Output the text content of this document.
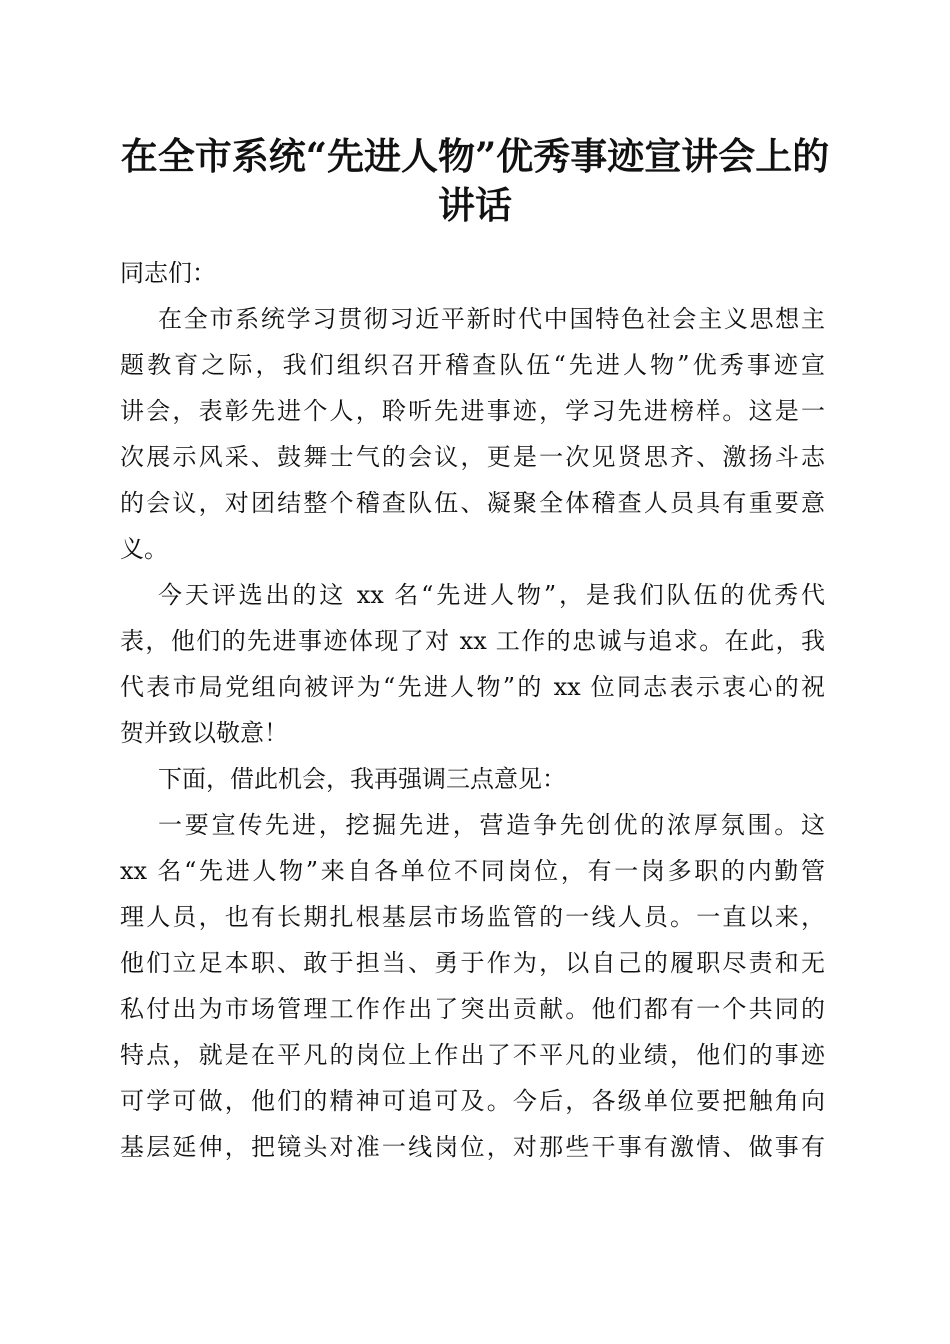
在全市系统“先进人物”优秀事迹宣讲会上的
讲话
同志们：
在全市系统学习贯彻习近平新时代中国特色社会主义思想主
题教育之际，我们组织召开稽查队伍“先进人物”优秀事迹宣
讲会，表彰先进个人，聆听先进事迹，学习先进榜样。这是一
次展示风采、鼓舞士气的会议，更是一次见贤思齐、激扬斗志
的会议，对团结整个稽查队伍、凝聚全体稽查人员具有重要意
义。
今天评选出的这 xx 名“先进人物”，是我们队伍的优秀代
表，他们的先进事迹体现了对 xx 工作的忠诚与追求。在此，我
代表市局党组向被评为“先进人物”的 xx 位同志表示衷心的祝
贺并致以敬意！
下面，借此机会，我再强调三点意见：
一要宣传先进，挖掘先进，营造争先创优的浓厚氛围。这
xx 名“先进人物”来自各单位不同岗位，有一岗多职的内勤管
理人员，也有长期扎根基层市场监管的一线人员。一直以来，
他们立足本职、敢于担当、勇于作为，以自己的履职尽责和无
私付出为市场管理工作作出了突出贡献。他们都有一个共同的
特点，就是在平凡的岗位上作出了不平凡的业绩，他们的事迹
可学可做，他们的精神可追可及。今后，各级单位要把触角向
基层延伸，把镜头对准一线岗位，对那些干事有激情、做事有
